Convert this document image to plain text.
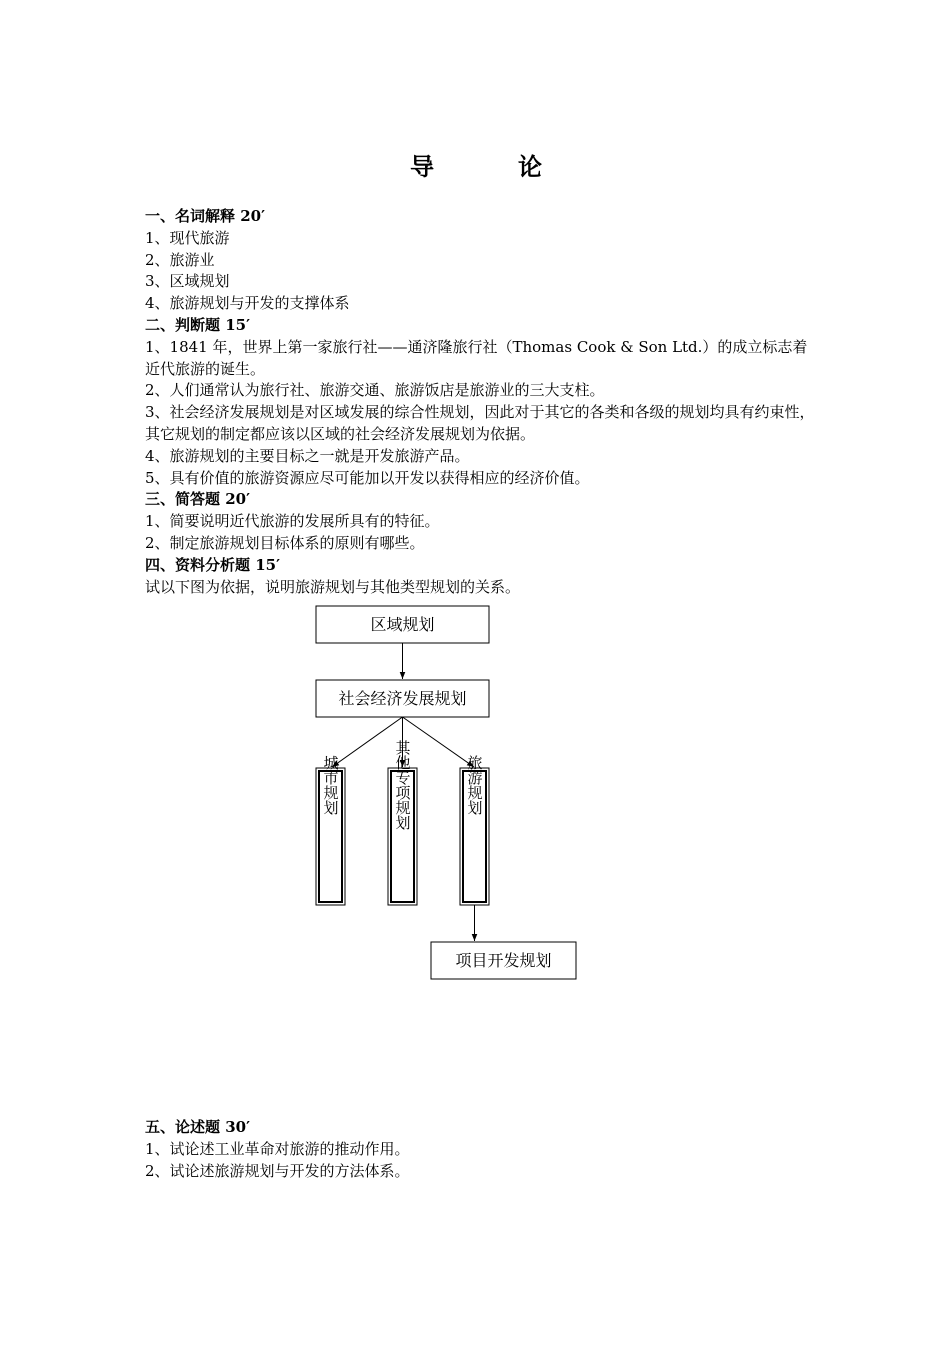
导　论

一、名词解释 20′

1、现代旅游

2、旅游业

3、区域规划

4、旅游规划与开发的支撑体系

二、判断题 15′

1、1841 年，世界上第一家旅行社——通济隆旅行社（Thomas Cook & Son Ltd.）的成立标志着近代旅游的诞生。

2、人们通常认为旅行社、旅游交通、旅游饭店是旅游业的三大支柱。

3、社会经济发展规划是对区域发展的综合性规划，因此对于其它的各类和各级的规划均具有约束性，其它规划的制定都应该以区域的社会经济发展规划为依据。

4、旅游规划的主要目标之一就是开发旅游产品。

5、具有价值的旅游资源应尽可能加以开发以获得相应的经济价值。

三、简答题 20′

1、简要说明近代旅游的发展所具有的特征。

2、制定旅游规划目标体系的原则有哪些。

四、资料分析题 15′

试以下图为依据，说明旅游规划与其他类型规划的关系。

区域规划
社会经济发展规划
城市规划	其他专项规划	旅游规划
项目开发规划

五、论述题 30′

1、试论述工业革命对旅游的推动作用。

2、试论述旅游规划与开发的方法体系。
